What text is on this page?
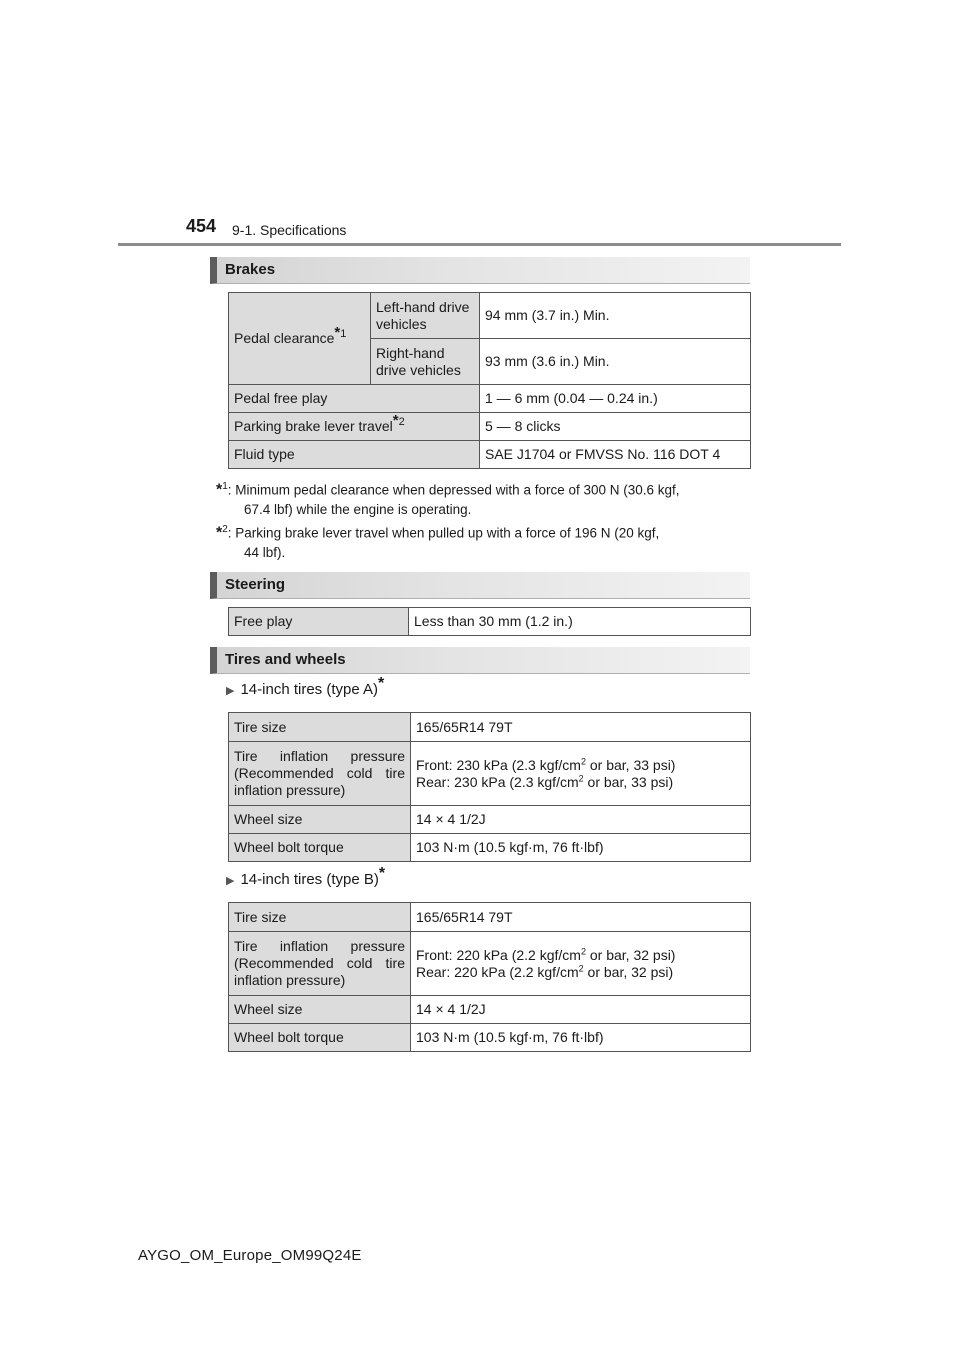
454 9-1. Specifications
Brakes
Pedal clearance$^{*1}$	Left-hand drive vehicles	94 mm (3.7 in.) Min.
	Right-hand drive vehicles	93 mm (3.6 in.) Min.
Pedal free play		1 — 6 mm (0.04 — 0.24 in.)
Parking brake lever travel$^{*2}$		5 — 8 clicks
Fluid type		SAE J1704 or FMVSS No. 116 DOT 4
*$^1$: Minimum pedal clearance when depressed with a force of 300 N (30.6 kgf,
67.4 lbf) while the engine is operating.
*$^2$: Parking brake lever travel when pulled up with a force of 196 N (20 kgf,
44 lbf).
Steering
Free play	Less than 30 mm (1.2 in.)
Tires and wheels
▶ 14-inch tires (type A)*
Tire size	165/65R14 79T
Tire inflation pressure (Recommended cold tire inflation pressure)	Front: 230 kPa (2.3 kgf/$cm^2$ or bar, 33 psi)
Rear: 230 kPa (2.3 kgf/$cm^2$ or bar, 33 psi)

Wheel size	14 × 4 1/2J
Wheel bolt torque	103 N·m (10.5 kgf·m, 76 ft·lbf)
▶ 14-inch tires (type B)*
Tire size	165/65R14 79T
Tire inflation pressure (Recommended cold tire inflation pressure)	Front: 220 kPa (2.2 kgf/$cm^2$ or bar, 32 psi)
Rear: 220 kPa (2.2 kgf/$cm^2$ or bar, 32 psi)

Wheel size	14 × 4 1/2J
Wheel bolt torque	103 N·m (10.5 kgf·m, 76 ft·lbf)
AYGO_OM_Europe_OM99Q24E
